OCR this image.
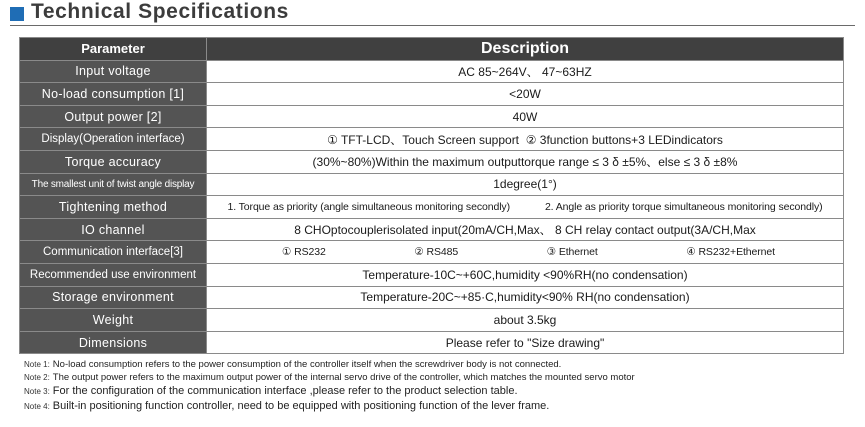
Technical Specifications
Parameter	Description
Input voltage	AC 85~264V、 47~63HZ
No-load consumption [1]	<20W
Output power [2]	40W
Display(Operation interface)	① TFT-LCD、Touch Screen support  ② 3function buttons+3 LEDindicators
Torque accuracy	(30%~80%)Within the maximum outputtorque range ≤ 3 δ ±5%、else ≤ 3 δ ±8%
The smallest unit of twist angle display	1degree(1°)
Tightening method	1. Torque as priority (angle simultaneous monitoring secondly) 2. Angle as priority torque simultaneous monitoring secondly)

IO channel	8 CHOptocouplerisolated input(20mA/CH,Max、 8 CH relay contact output(3A/CH,Max
Communication interface[3]	① RS232 ② RS485 ③ Ethernet ④ RS232+Ethernet

Recommended use environment	Temperature-10C~+60C,humidity <90%RH(no condensation)
Storage environment	Temperature-20C~+85·C,humidity<90% RH(no condensation)
Weight	about 3.5kg
Dimensions	Please refer to "Size drawing"
Note 1: No-load consumption refers to the power consumption of the controller itself when the screwdriver body is not connected.
Note 2: The output power refers to the maximum output power of the internal servo drive of the controller, which matches the mounted servo motor
Note 3: For the configuration of the communication interface ,please refer to the product selection table.
Note 4: Built-in positioning function controller, need to be equipped with positioning function of the lever frame.
